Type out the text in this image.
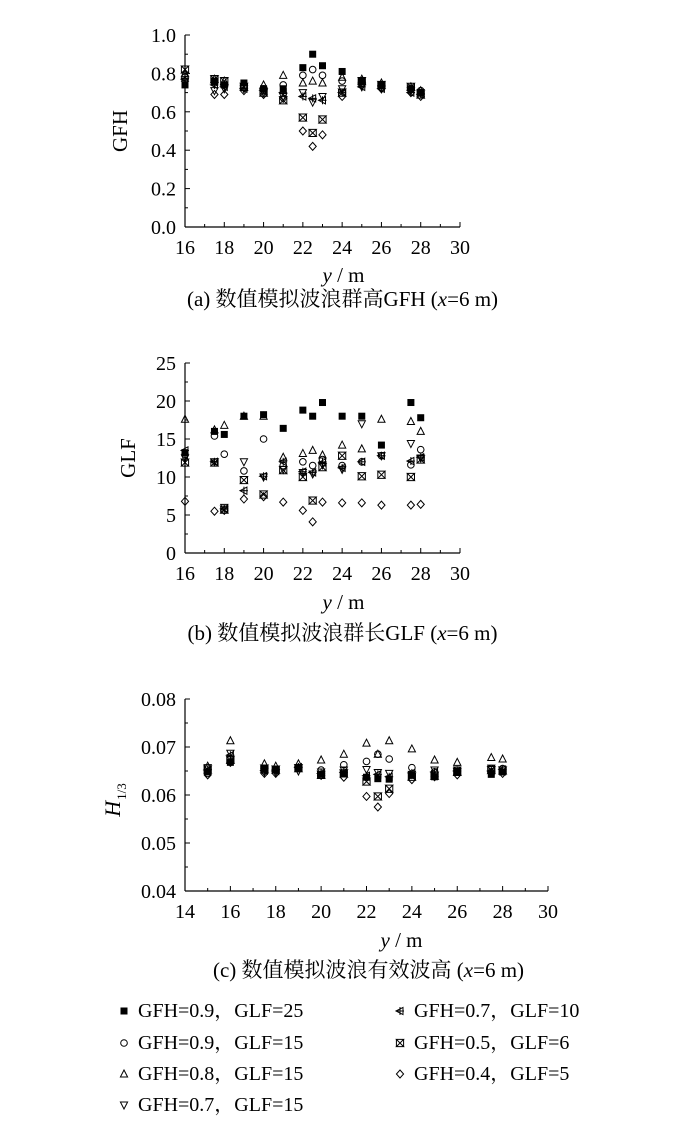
16 18 20 22 24 26 28 30
0.0
0.2
0.4
0.6
0.8
1.0
GFH
y / m
(a) 数值模拟波浪群高GFH (x=6 m)
16 18 20 22 24 26 28 30
0
5
10
15
20
25
GLF
y / m
(b) 数值模拟波浪群长GLF (x=6 m)
14 16 18 20 22 24 26 28 30
0.04
0.05
0.06
0.07
0.08
$H_{1/3}$
y / m
(c) 数值模拟波浪有效波高 (x=6 m)
GFH=0.9，GLF=25
GFH=0.9，GLF=15
GFH=0.8，GLF=15
GFH=0.7，GLF=15
GFH=0.7，GLF=10
GFH=0.5，GLF=6
GFH=0.4，GLF=5
